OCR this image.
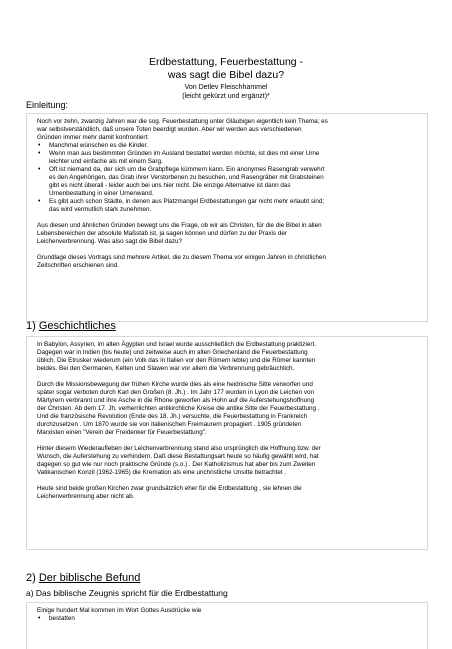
Erdbestattung, Feuerbestattung -
was sagt die Bibel dazu?
Von Detlev Fleischhammel
(leicht gekürzt und ergänzt)*
Einleitung:

Noch vor zehn, zwanzig Jahren war die sog. Feuerbestattung unter Gläubigen eigentlich kein Thema; es
war selbstverständlich, daß unsere Toten beerdigt wurden. Aber wir werden aus verschiedenen
Gründen immer mehr damit konfrontiert:

• Manchmal wünschen es die Kinder.
• Wenn man aus bestimmten Gründen im Ausland bestattet werden möchte, ist dies mit einer Urne
leichter und einfache als mit einem Sarg.
• Oft ist niemand da, der sich um die Grabpflege kümmern kann. Ein anonymes Rasengrab verwehrt
es den Angehörigen, das Grab ihrer Verstorbenen zu besuchen, und Rasengräber mit Grabsteinen
gibt es nicht überall - leider auch bei uns hier nicht. Die einzige Alternative ist dann das
Urnenbestattung in einer Urnenwand.
• Es gibt auch schon Städte, in denen aus Platzmangel Erdbestattungen gar nicht mehr erlaubt sind;
das wird vermutlich stark zunehmen.

Aus diesen und ähnlichen Gründen bewegt uns die Frage, ob wir als Christen, für die die Bibel in allen
Lebensbereichen der absolute Maßstab ist, ja sagen können und dürfen zu der Praxis der
Leichenverbrennung. Was also sagt die Bibel dazu?

Grundlage dieses Vortrags sind mehrere Artikel, die zu diesem Thema vor einigen Jahren in christlichen
Zeitschriften erschienen sind.

1) Geschichtliches

In Babylon, Assyrien, im alten Ägypten und Israel wurde ausschließlich die Erdbestattung praktiziert.
Dagegen war in Indien (bis heute) und zeitweise auch im alten Griechenland die Feuerbestattung
üblich. Die Etrusker wiederum (ein Volk das in Italien vor den Römern lebte) und die Römer kannten
beides. Bei den Germanen, Kelten und Slawen war vor allem die Verbrennung gebräuchlich.

Durch die Missionsbewegung der frühen Kirche wurde dies als eine heidnische Sitte verworfen und
später sogar verboten durch Karl den Großen (8. Jh.) . Im Jahr 177 wurden in Lyon die Leichen von
Märtyrern verbrannt und ihre Asche in die Rhone geworfen als Hohn auf die Auferstehungshoffnung
der Christen. Ab dem 17. Jh. verherrlichten antikirchliche Kreise die antike Sitte der Feuerbestattung .
Und die französische Revolution (Ende des 18. Jh.) versuchte, die Feuerbestattung in Frankreich
durchzusetzen . Um 1870 wurde sie von italienischen Freimaurern propagiert . 1905 gründeten
Marxisten einen "Verein der Freidenker für Feuerbestattung".

Hinter diesem Wiederaufleben der Leichenverbrennung stand also ursprünglich die Hoffnung bzw. der
Wunsch, die Auferstehung zu verhindern. Daß diese Bestattungsart heute so häufig gewählt wird, hat
dagegen so gut wie nur noch praktische Gründe (s.o.) . Der Katholizismus hat aber bis zum Zweiten
Vatikanischen Konzil (1962-1965) die Kremation als eine unchristliche Unsitte betrachtet .

Heute sind beide großen Kirchen zwar grundsätzlich eher für die Erdbestattung , sie lehnen die
Leichenverbrennung aber nicht ab.

2) Der biblische Befund
a) Das biblische Zeugnis spricht für die Erdbestattung

Einige hundert Mal kommen im Wort Gottes Ausdrücke wie

• bestatten
